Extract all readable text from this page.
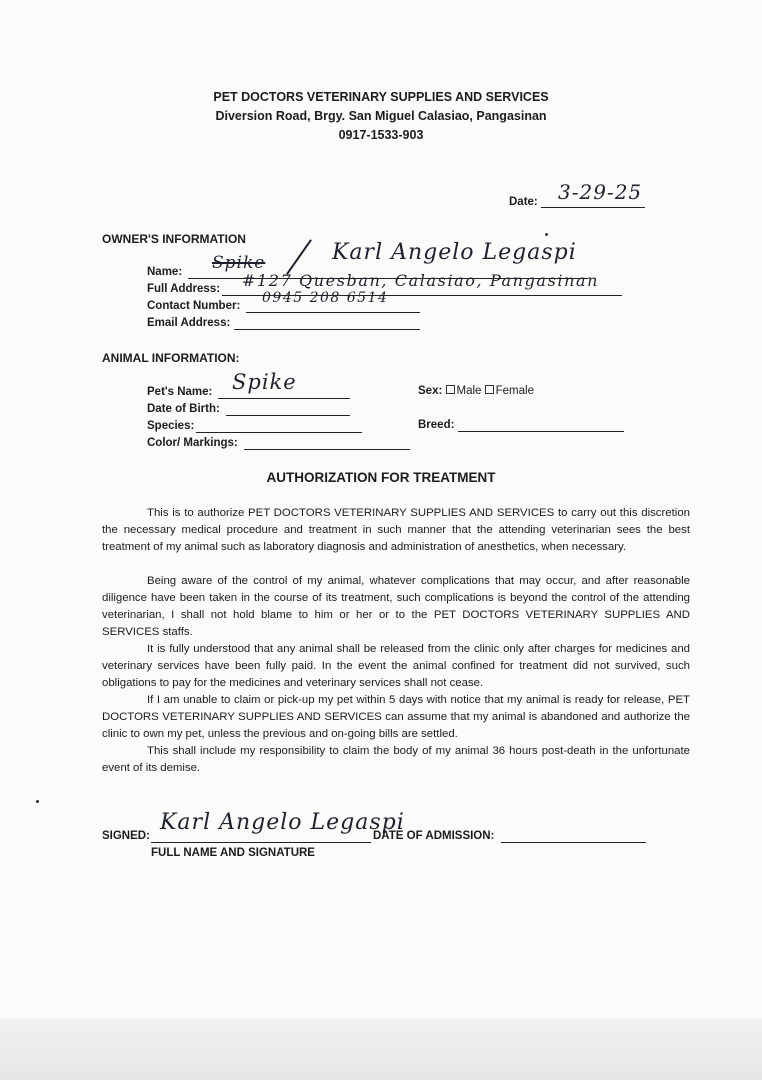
PET DOCTORS VETERINARY SUPPLIES AND SERVICES
Diversion Road, Brgy. San Miguel Calasiao, Pangasinan
0917-1533-903
Date: 3-29-25
OWNER'S INFORMATION
Name: Spike	Karl Angelo Legaspi
Full Address: #127 Quesban, Calasiao, Pangasinan
Contact Number: 0945 208 6514
Email Address:
ANIMAL INFORMATION:
Pet's Name: Spike
Date of Birth:
Species:
Color/ Markings:
Sex: Male Female
Breed:
AUTHORIZATION FOR TREATMENT
This is to authorize PET DOCTORS VETERINARY SUPPLIES AND SERVICES to carry out this discretion the necessary medical procedure and treatment in such manner that the attending veterinarian sees the best treatment of my animal such as laboratory diagnosis and administration of anesthetics, when necessary.
Being aware of the control of my animal, whatever complications that may occur, and after reasonable diligence have been taken in the course of its treatment, such complications is beyond the control of the attending veterinarian, I shall not hold blame to him or her or to the PET DOCTORS VETERINARY SUPPLIES AND SERVICES staffs.
It is fully understood that any animal shall be released from the clinic only after charges for medicines and veterinary services have been fully paid. In the event the animal confined for treatment did not survived, such obligations to pay for the medicines and veterinary services shall not cease.
If I am unable to claim or pick-up my pet within 5 days with notice that my animal is ready for release, PET DOCTORS VETERINARY SUPPLIES AND SERVICES can assume that my animal is abandoned and authorize the clinic to own my pet, unless the previous and on-going bills are settled.
This shall include my responsibility to claim the body of my animal 36 hours post-death in the unfortunate event of its demise.
SIGNED:
Karl Angelo Legaspi
FULL NAME AND SIGNATURE
DATE OF ADMISSION:
